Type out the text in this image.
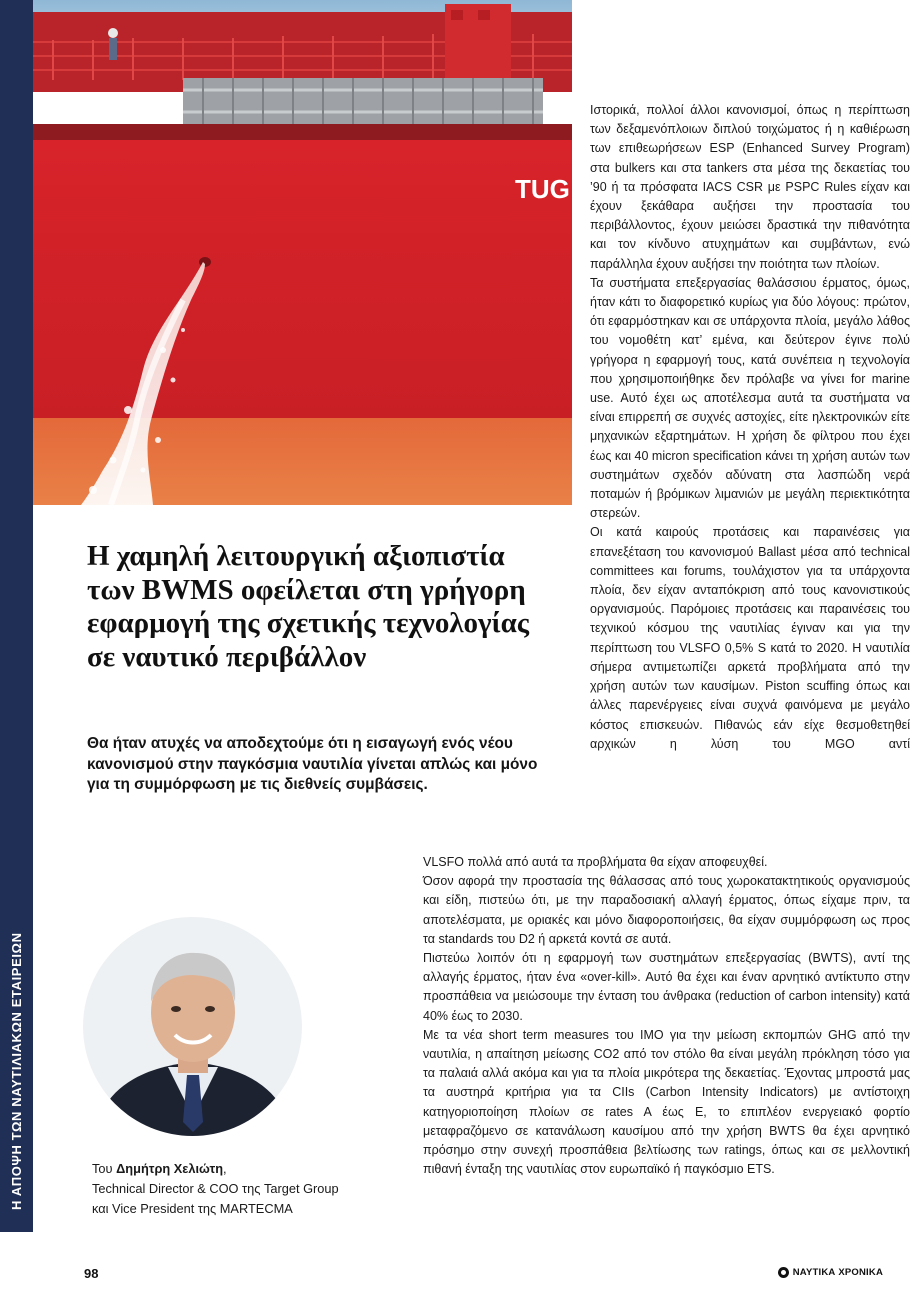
Η ΑΠΟΨΗ ΤΩΝ ΝΑΥΤΙΛΙΑΚΩΝ ΕΤΑΙΡΕΙΩΝ
TUG
Η χαμηλή λειτουργική αξιοπιστία των BWMS οφείλεται στη γρήγορη εφαρμογή της σχετικής τεχνολογίας σε ναυτικό περιβάλλον

Θα ήταν ατυχές να αποδεχτούμε ότι η εισαγωγή ενός νέου κανονισμού στην παγκόσμια ναυτιλία γίνεται απλώς και μόνο για τη συμμόρφωση με τις διεθνείς συμβάσεις.

Ιστορικά, πολλοί άλλοι κανονισμοί, όπως η περίπτωση των δεξαμενόπλοιων διπλού τοιχώματος ή η καθιέρωση των επιθεωρήσεων ESP (Enhanced Survey Program) στα bulkers και στα tankers στα μέσα της δεκαετίας του ’90 ή τα πρόσφατα IACS CSR με PSPC Rules είχαν και έχουν ξεκάθαρα αυξήσει την προστασία του περιβάλλοντος, έχουν μειώσει δραστικά την πιθανότητα και τον κίνδυνο ατυχημάτων και συμβάντων, ενώ παράλληλα έχουν αυξήσει την ποιότητα των πλοίων.

Τα συστήματα επεξεργασίας θαλάσσιου έρματος, όμως, ήταν κάτι το διαφορετικό κυρίως για δύο λόγους: πρώτον, ότι εφαρμόστηκαν και σε υπάρχοντα πλοία, μεγάλο λάθος του νομοθέτη κατ’ εμένα, και δεύτερον έγινε πολύ γρήγορα η εφαρμογή τους, κατά συνέπεια η τεχνολογία που χρησιμοποιήθηκε δεν πρόλαβε να γίνει for marine use. Αυτό έχει ως αποτέλεσμα αυτά τα συστήματα να είναι επιρρεπή σε συχνές αστοχίες, είτε ηλεκτρονικών είτε μηχανικών εξαρτημάτων. Η χρήση δε φίλτρου που έχει έως και 40 micron specification κάνει τη χρήση αυτών των συστημάτων σχεδόν αδύνατη στα λασπώδη νερά ποταμών ή βρόμικων λιμανιών με μεγάλη περιεκτικότητα στερεών.

Οι κατά καιρούς προτάσεις και παραινέσεις για επανεξέταση του κανονισμού Ballast μέσα από technical committees και forums, τουλάχιστον για τα υπάρχοντα πλοία, δεν είχαν ανταπόκριση από τους κανονιστικούς οργανισμούς. Παρόμοιες προτάσεις και παραινέσεις του τεχνικού κόσμου της ναυτιλίας έγιναν και για την περίπτωση του VLSFO 0,5% S κατά το 2020. Η ναυτιλία σήμερα αντιμετωπίζει αρκετά προβλήματα από την χρήση αυτών των καυσίμων. Piston scuffing όπως και άλλες παρενέργειες είναι συχνά φαινόμενα με μεγάλο κόστος επισκευών. Πιθανώς εάν είχε θεσμοθετηθεί αρχικών η λύση του MGO αντί

VLSFO πολλά από αυτά τα προβλήματα θα είχαν αποφευχθεί.

Όσον αφορά την προστασία της θάλασσας από τους χωροκατακτητικούς οργανισμούς και είδη, πιστεύω ότι, με την παραδοσιακή αλλαγή έρματος, όπως είχαμε πριν, τα αποτελέσματα, με οριακές και μόνο διαφοροποιήσεις, θα είχαν συμμόρφωση ως προς τα standards του D2 ή αρκετά κοντά σε αυτά.

Πιστεύω λοιπόν ότι η εφαρμογή των συστημάτων επεξεργασίας (BWTS), αντί της αλλαγής έρματος, ήταν ένα «over-kill». Αυτό θα έχει και έναν αρνητικό αντίκτυπο στην προσπάθεια να μειώσουμε την ένταση του άνθρακα (reduction of carbon intensity) κατά 40% έως το 2030.

Με τα νέα short term measures του IMO για την μείωση εκπομπών GHG από την ναυτιλία, η απαίτηση μείωσης CO2 από τον στόλο θα είναι μεγάλη πρόκληση τόσο για τα παλαιά αλλά ακόμα και για τα πλοία μικρότερα της δεκαετίας. Έχοντας μπροστά μας τα αυστηρά κριτήρια για τα CIIs (Carbon Intensity Indicators) με αντίστοιχη κατηγοριοποίηση πλοίων σε rates A έως E, το επιπλέον ενεργειακό φορτίο μεταφραζόμενο σε κατανάλωση καυσίμου από την χρήση BWTS θα έχει αρνητικό πρόσημο στην συνεχή προσπάθεια βελτίωσης των ratings, όπως και σε μελλοντική πιθανή ένταξη της ναυτιλίας στον ευρωπαϊκό ή παγκόσμιο ETS.

Του Δημήτρη Χελιώτη,
Technical Director & COO της Target Group
και Vice President της MARTECMA
98	ΝΑΥΤΙΚΑ ΧΡΟΝΙΚΑ
